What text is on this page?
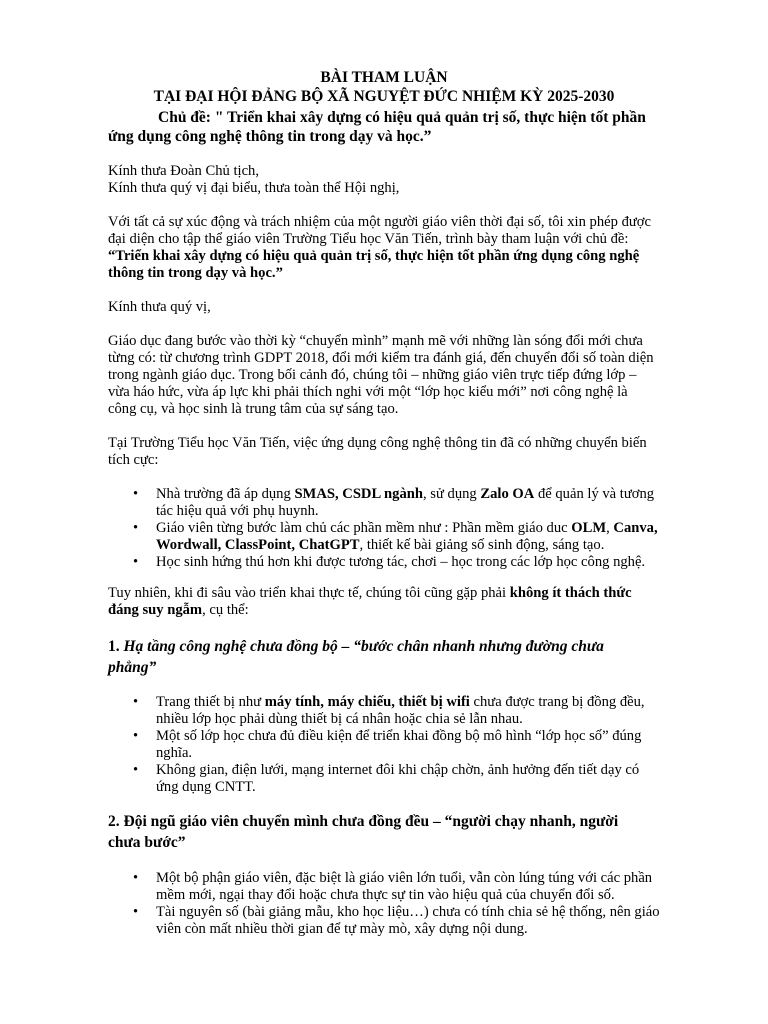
BÀI THAM LUẬN
TẠI ĐẠI HỘI ĐẢNG BỘ XÃ NGUYỆT ĐỨC NHIỆM KỲ 2025-2030
Chủ đề: " Triển khai xây dựng có hiệu quả quản trị số, thực hiện tốt phần
ứng dụng công nghệ thông tin trong dạy và học.”

Kính thưa Đoàn Chủ tịch,

Kính thưa quý vị đại biểu, thưa toàn thể Hội nghị,

Với tất cả sự xúc động và trách nhiệm của một người giáo viên thời đại số, tôi xin phép được

đại diện cho tập thể giáo viên Trường Tiểu học Văn Tiến, trình bày tham luận với chủ đề:

“Triển khai xây dựng có hiệu quả quản trị số, thực hiện tốt phần ứng dụng công nghệ

thông tin trong dạy và học.”

Kính thưa quý vị,

Giáo dục đang bước vào thời kỳ “chuyển mình” mạnh mẽ với những làn sóng đổi mới chưa

từng có: từ chương trình GDPT 2018, đổi mới kiểm tra đánh giá, đến chuyển đổi số toàn diện

trong ngành giáo dục. Trong bối cảnh đó, chúng tôi – những giáo viên trực tiếp đứng lớp –

vừa háo hức, vừa áp lực khi phải thích nghi với một “lớp học kiểu mới” nơi công nghệ là

công cụ, và học sinh là trung tâm của sự sáng tạo.

Tại Trường Tiểu học Văn Tiến, việc ứng dụng công nghệ thông tin đã có những chuyển biến

tích cực:

• Nhà trường đã áp dụng SMAS, CSDL ngành, sử dụng Zalo OA để quản lý và tương

tác hiệu quả với phụ huynh.

• Giáo viên từng bước làm chủ các phần mềm như : Phần mềm giáo duc OLM, Canva,

Wordwall, ClassPoint, ChatGPT, thiết kế bài giảng số sinh động, sáng tạo.

• Học sinh hứng thú hơn khi được tương tác, chơi – học trong các lớp học công nghệ.

Tuy nhiên, khi đi sâu vào triển khai thực tế, chúng tôi cũng gặp phải không ít thách thức

đáng suy ngẫm, cụ thể:

1. Hạ tầng công nghệ chưa đồng bộ – “bước chân nhanh nhưng đường chưa

phẳng”

• Trang thiết bị như máy tính, máy chiếu, thiết bị wifi chưa được trang bị đồng đều,

nhiều lớp học phải dùng thiết bị cá nhân hoặc chia sẻ lẫn nhau.

• Một số lớp học chưa đủ điều kiện để triển khai đồng bộ mô hình “lớp học số” đúng

nghĩa.

• Không gian, điện lưới, mạng internet đôi khi chập chờn, ảnh hưởng đến tiết dạy có

ứng dụng CNTT.

2. Đội ngũ giáo viên chuyển mình chưa đồng đều – “người chạy nhanh, người

chưa bước”

• Một bộ phận giáo viên, đặc biệt là giáo viên lớn tuổi, vẫn còn lúng túng với các phần

mềm mới, ngại thay đổi hoặc chưa thực sự tin vào hiệu quả của chuyển đổi số.

• Tài nguyên số (bài giảng mẫu, kho học liệu…) chưa có tính chia sẻ hệ thống, nên giáo

viên còn mất nhiều thời gian để tự mày mò, xây dựng nội dung.
